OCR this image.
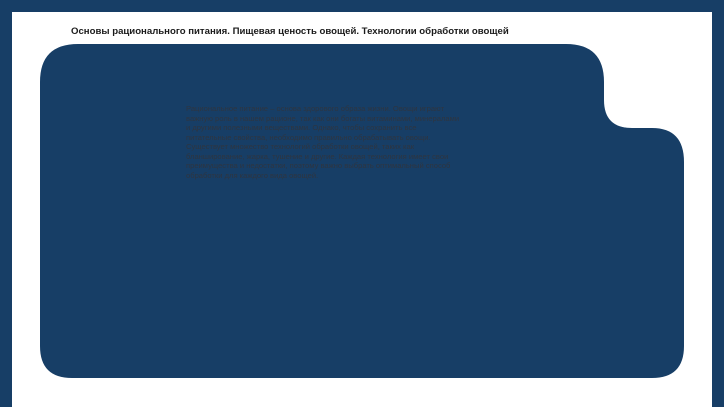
Основы рационального питания. Пищевая ценость овощей. Технологии обработки овощей

Рациональное питание – основа здорового образа жизни. Овощи играют важную роль в нашем рационе, так как они богаты витаминами, минералами и другими полезными веществами. Однако, чтобы сохранить все питательные свойства, необходимо правильно обрабатывать овощи. Существует множество технологий обработки овощей, таких как бланширование, жарка, тушение и другие. Каждая технология имеет свои преимущества и недостатки, поэтому важно выбрать оптимальный способ обработки для каждого вида овощей.
